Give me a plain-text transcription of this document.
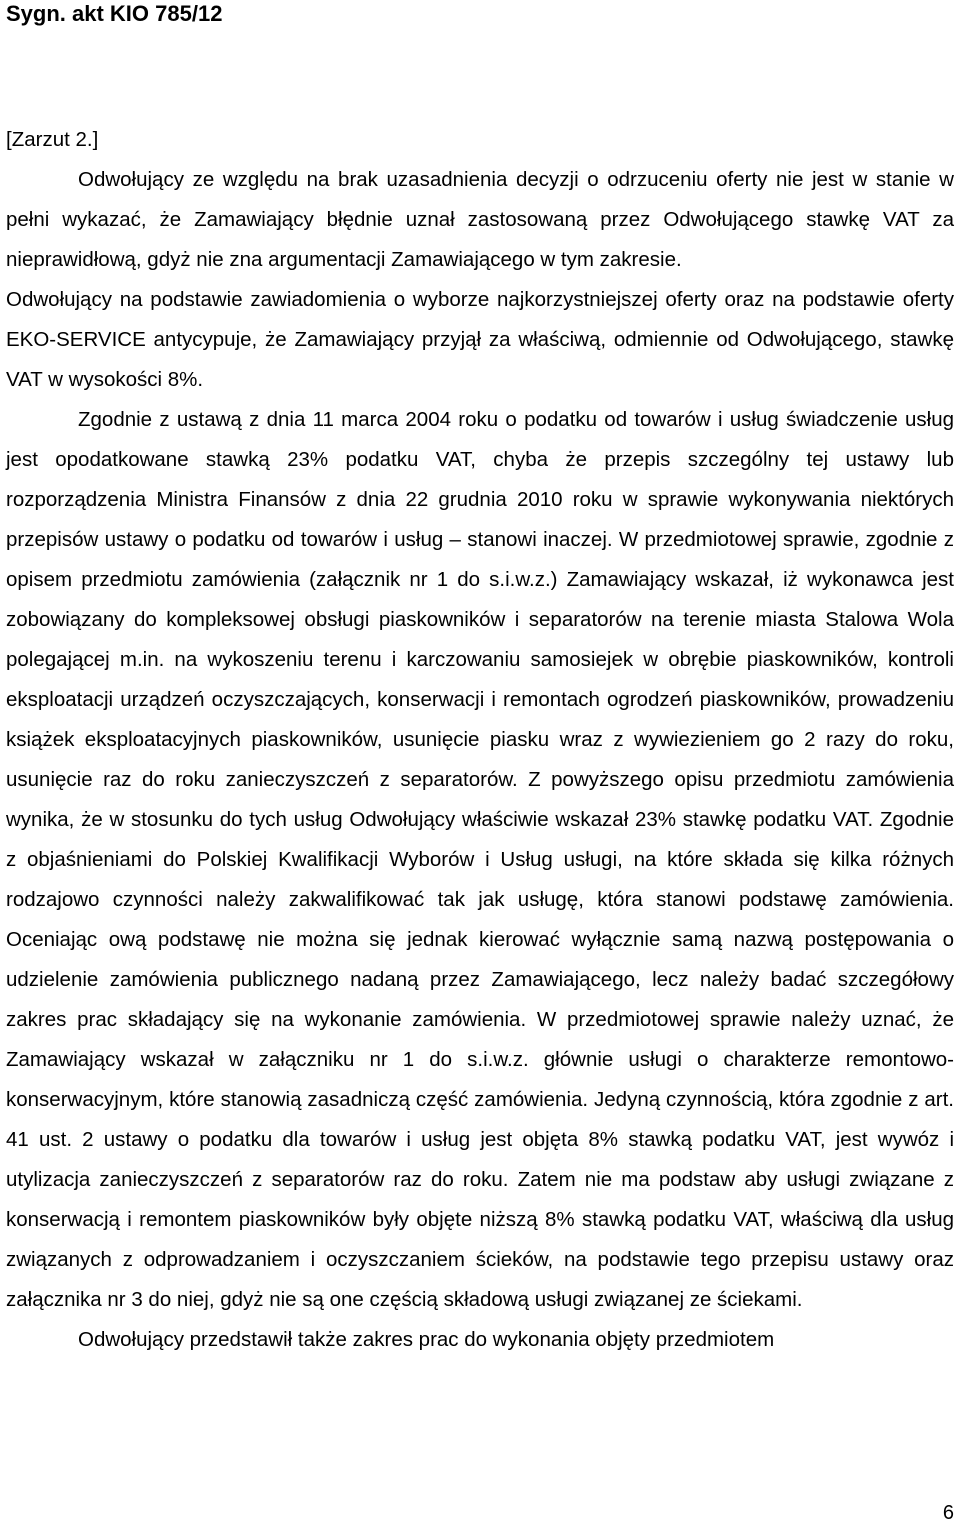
Sygn. akt KIO 785/12

[Zarzut 2.]

Odwołujący ze względu na brak uzasadnienia decyzji o odrzuceniu oferty nie jest w stanie w pełni wykazać, że Zamawiający błędnie uznał zastosowaną przez Odwołującego stawkę VAT za nieprawidłową, gdyż nie zna argumentacji Zamawiającego w tym zakresie.

Odwołujący na podstawie zawiadomienia o wyborze najkorzystniejszej oferty oraz na podstawie oferty EKO-SERVICE antycypuje, że Zamawiający przyjął za właściwą, odmiennie od Odwołującego, stawkę VAT w wysokości 8%.

Zgodnie z ustawą z dnia 11 marca 2004 roku o podatku od towarów i usług świadczenie usług jest opodatkowane stawką 23% podatku VAT, chyba że przepis szczególny tej ustawy lub rozporządzenia Ministra Finansów z dnia 22 grudnia 2010 roku w sprawie wykonywania niektórych przepisów ustawy o podatku od towarów i usług – stanowi inaczej. W przedmiotowej sprawie, zgodnie z opisem przedmiotu zamówienia (załącznik nr 1 do s.i.w.z.) Zamawiający wskazał, iż wykonawca jest zobowiązany do kompleksowej obsługi piaskowników i separatorów na terenie miasta Stalowa Wola polegającej m.in. na wykoszeniu terenu i karczowaniu samosiejek w obrębie piaskowników, kontroli eksploatacji urządzeń oczyszczających, konserwacji i remontach ogrodzeń piaskowników, prowadzeniu książek eksploatacyjnych piaskowników, usunięcie piasku wraz z wywiezieniem go 2 razy do roku, usunięcie raz do roku zanieczyszczeń z separatorów. Z powyższego opisu przedmiotu zamówienia wynika, że w stosunku do tych usług Odwołujący właściwie wskazał 23% stawkę podatku VAT. Zgodnie z objaśnieniami do Polskiej Kwalifikacji Wyborów i Usług usługi, na które składa się kilka różnych rodzajowo czynności należy zakwalifikować tak jak usługę, która stanowi podstawę zamówienia. Oceniając ową podstawę nie można się jednak kierować wyłącznie samą nazwą postępowania o udzielenie zamówienia publicznego nadaną przez Zamawiającego, lecz należy badać szczegółowy zakres prac składający się na wykonanie zamówienia. W przedmiotowej sprawie należy uznać, że Zamawiający wskazał w załączniku nr 1 do s.i.w.z. głównie usługi o charakterze remontowo-konserwacyjnym, które stanowią zasadniczą część zamówienia. Jedyną czynnością, która zgodnie z art. 41 ust. 2 ustawy o podatku dla towarów i usług jest objęta 8% stawką podatku VAT, jest wywóz i utylizacja zanieczyszczeń z separatorów raz do roku. Zatem nie ma podstaw aby usługi związane z konserwacją i remontem piaskowników były objęte niższą 8% stawką podatku VAT, właściwą dla usług związanych z odprowadzaniem i oczyszczaniem ścieków, na podstawie tego przepisu ustawy oraz załącznika nr 3 do niej, gdyż nie są one częścią składową usługi związanej ze ściekami.

Odwołujący przedstawił także zakres prac do wykonania objęty przedmiotem

6
